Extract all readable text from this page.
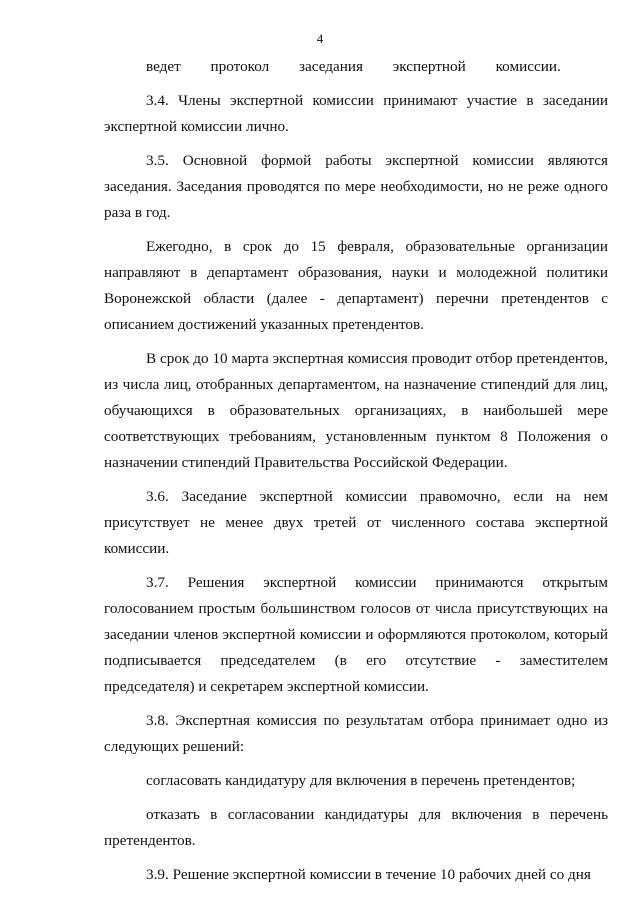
4

ведет протокол заседания экспертной комиссии.

3.4. Члены экспертной комиссии принимают участие в заседании экспертной комиссии лично.

3.5. Основной формой работы экспертной комиссии являются заседания. Заседания проводятся по мере необходимости, но не реже одного раза в год.

Ежегодно, в срок до 15 февраля, образовательные организации направляют в департамент образования, науки и молодежной политики Воронежской области (далее - департамент) перечни претендентов с описанием достижений указанных претендентов.

В срок до 10 марта экспертная комиссия проводит отбор претендентов, из числа лиц, отобранных департаментом, на назначение стипендий для лиц, обучающихся в образовательных организациях, в наибольшей мере соответствующих требованиям, установленным пунктом 8 Положения о назначении стипендий Правительства Российской Федерации.

3.6. Заседание экспертной комиссии правомочно, если на нем присутствует не менее двух третей от численного состава экспертной комиссии.

3.7. Решения экспертной комиссии принимаются открытым голосованием простым большинством голосов от числа присутствующих на заседании членов экспертной комиссии и оформляются протоколом, который подписывается председателем (в его отсутствие - заместителем председателя) и секретарем экспертной комиссии.

3.8. Экспертная комиссия по результатам отбора принимает одно из следующих решений:

согласовать кандидатуру для включения в перечень претендентов;

отказать в согласовании кандидатуры для включения в перечень претендентов.

3.9. Решение экспертной комиссии в течение 10 рабочих дней со дня
